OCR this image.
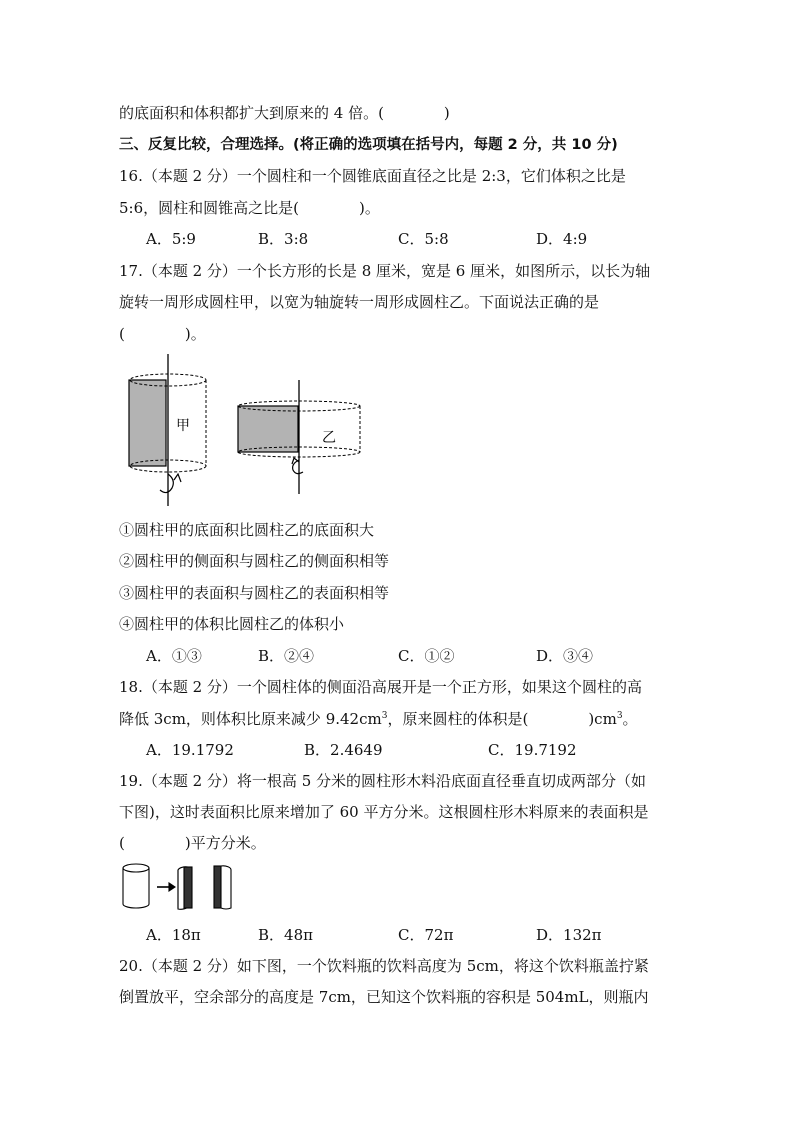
的底面积和体积都扩大到原来的 4 倍。(　　　　)
三、反复比较，合理选择。(将正确的选项填在括号内，每题 2 分，共 10 分)
16.（本题 2 分）一个圆柱和一个圆锥底面直径之比是 2:3，它们体积之比是
5:6，圆柱和圆锥高之比是(　　　　)。
A．5:9	B．3:8	C．5:8	D．4:9
17.（本题 2 分）一个长方形的长是 8 厘米，宽是 6 厘米，如图所示，以长为轴
旋转一周形成圆柱甲，以宽为轴旋转一周形成圆柱乙。下面说法正确的是
(　　　　)。
甲
乙
①圆柱甲的底面积比圆柱乙的底面积大
②圆柱甲的侧面积与圆柱乙的侧面积相等
③圆柱甲的表面积与圆柱乙的表面积相等
④圆柱甲的体积比圆柱乙的体积小
A．①③	B．②④	C．①②	D．③④
18.（本题 2 分）一个圆柱体的侧面沿高展开是一个正方形，如果这个圆柱的高
降低 3cm，则体积比原来减少 $9.42cm^3$，原来圆柱的体积是(　　　　)$cm^3$。
A．19.1792	B．2.4649	C．19.7192
19.（本题 2 分）将一根高 5 分米的圆柱形木料沿底面直径垂直切成两部分（如
下图)，这时表面积比原来增加了 60 平方分米。这根圆柱形木料原来的表面积是
(　　　　)平方分米。
A．18π	B．48π	C．72π	D．132π
20.（本题 2 分）如下图，一个饮料瓶的饮料高度为 5cm，将这个饮料瓶盖拧紧
倒置放平，空余部分的高度是 7cm，已知这个饮料瓶的容积是 504mL，则瓶内
